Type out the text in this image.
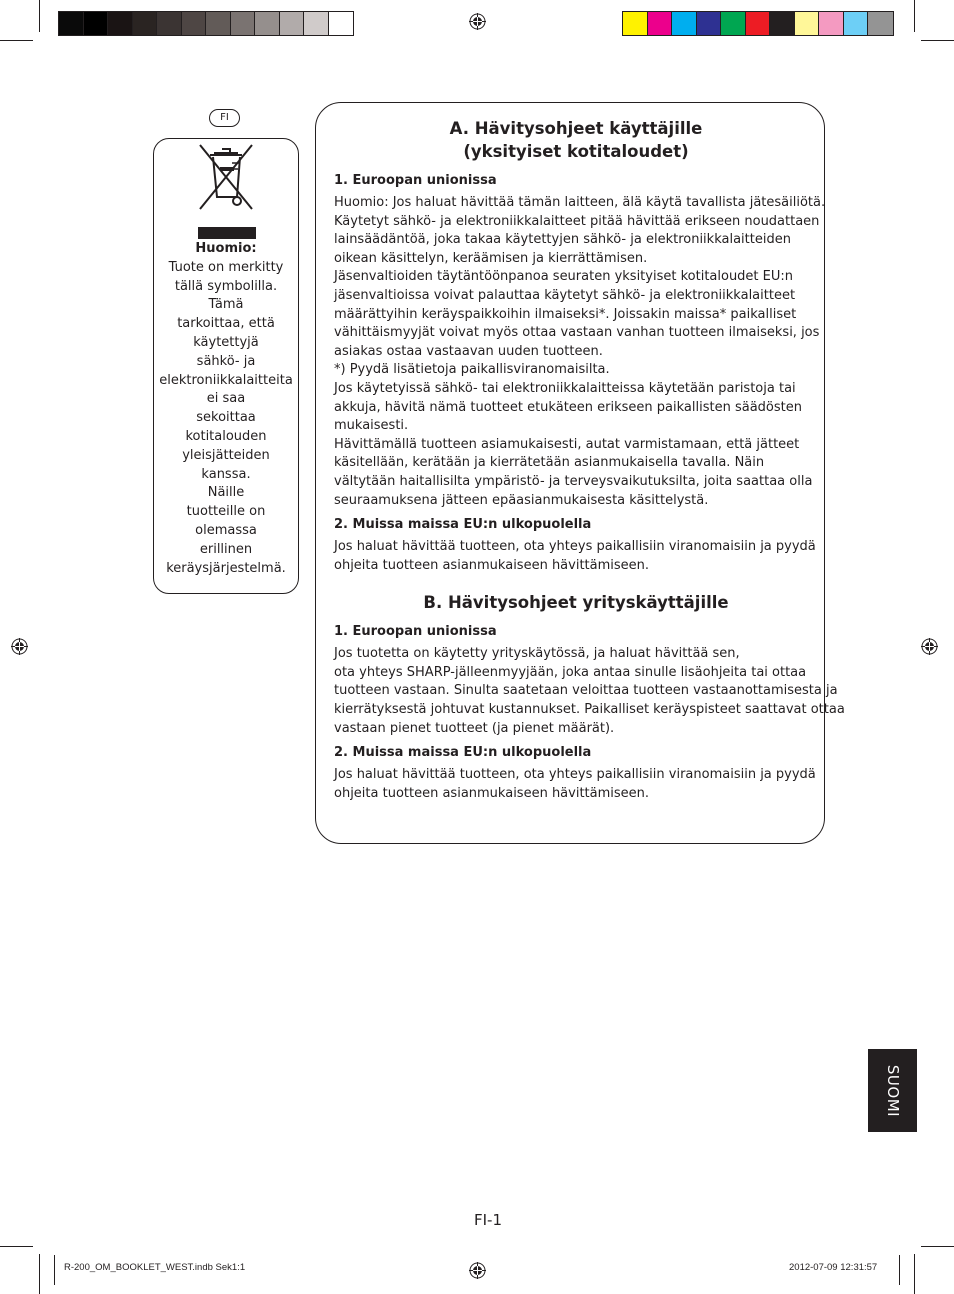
FI
Huomio:
Tuote on merkitty
tällä symbolilla.
Tämä
tarkoittaa, että
käytettyjä
sähkö- ja
elektroniikkalaitteita
ei saa
sekoittaa
kotitalouden
yleisjätteiden
kanssa.
Näille
tuotteille on
olemassa
erillinen
keräysjärjestelmä.
A. Hävitysohjeet käyttäjille
(yksityiset kotitaloudet)
1. Euroopan unionissa
Huomio: Jos haluat hävittää tämän laitteen, älä käytä tavallista jätesäiliötä.
Käytetyt sähkö- ja elektroniikkalaitteet pitää hävittää erikseen noudattaen
lainsäädäntöä, joka takaa käytettyjen sähkö- ja elektroniikkalaitteiden
oikean käsittelyn, keräämisen ja kierrättämisen.
Jäsenvaltioiden täytäntöönpanoa seuraten yksityiset kotitaloudet EU:n
jäsenvaltioissa voivat palauttaa käytetyt sähkö- ja elektroniikkalaitteet
määrättyihin keräyspaikkoihin ilmaiseksi*. Joissakin maissa* paikalliset
vähittäismyyjät voivat myös ottaa vastaan vanhan tuotteen ilmaiseksi, jos
asiakas ostaa vastaavan uuden tuotteen.
*) Pyydä lisätietoja paikallisviranomaisilta.
Jos käytetyissä sähkö- tai elektroniikkalaitteissa käytetään paristoja tai
akkuja, hävitä nämä tuotteet etukäteen erikseen paikallisten säädösten
mukaisesti.
Hävittämällä tuotteen asiamukaisesti, autat varmistamaan, että jätteet
käsitellään, kerätään ja kierrätetään asianmukaisella tavalla. Näin
vältytään haitallisilta ympäristö- ja terveysvaikutuksilta, joita saattaa olla
seuraamuksena jätteen epäasianmukaisesta käsittelystä.
2. Muissa maissa EU:n ulkopuolella
Jos haluat hävittää tuotteen, ota yhteys paikallisiin viranomaisiin ja pyydä
ohjeita tuotteen asianmukaiseen hävittämiseen.
B. Hävitysohjeet yrityskäyttäjille
1. Euroopan unionissa
Jos tuotetta on käytetty yrityskäytössä, ja haluat hävittää sen,
ota yhteys SHARP-jälleenmyyjään, joka antaa sinulle lisäohjeita tai ottaa
tuotteen vastaan. Sinulta saatetaan veloittaa tuotteen vastaanottamisesta ja
kierrätyksestä johtuvat kustannukset. Paikalliset keräyspisteet saattavat ottaa
vastaan pienet tuotteet (ja pienet määrät).
2. Muissa maissa EU:n ulkopuolella
Jos haluat hävittää tuotteen, ota yhteys paikallisiin viranomaisiin ja pyydä
ohjeita tuotteen asianmukaiseen hävittämiseen.
SUOMI
FI-1
R-200_OM_BOOKLET_WEST.indb Sek1:1	2012-07-09 12:31:57
